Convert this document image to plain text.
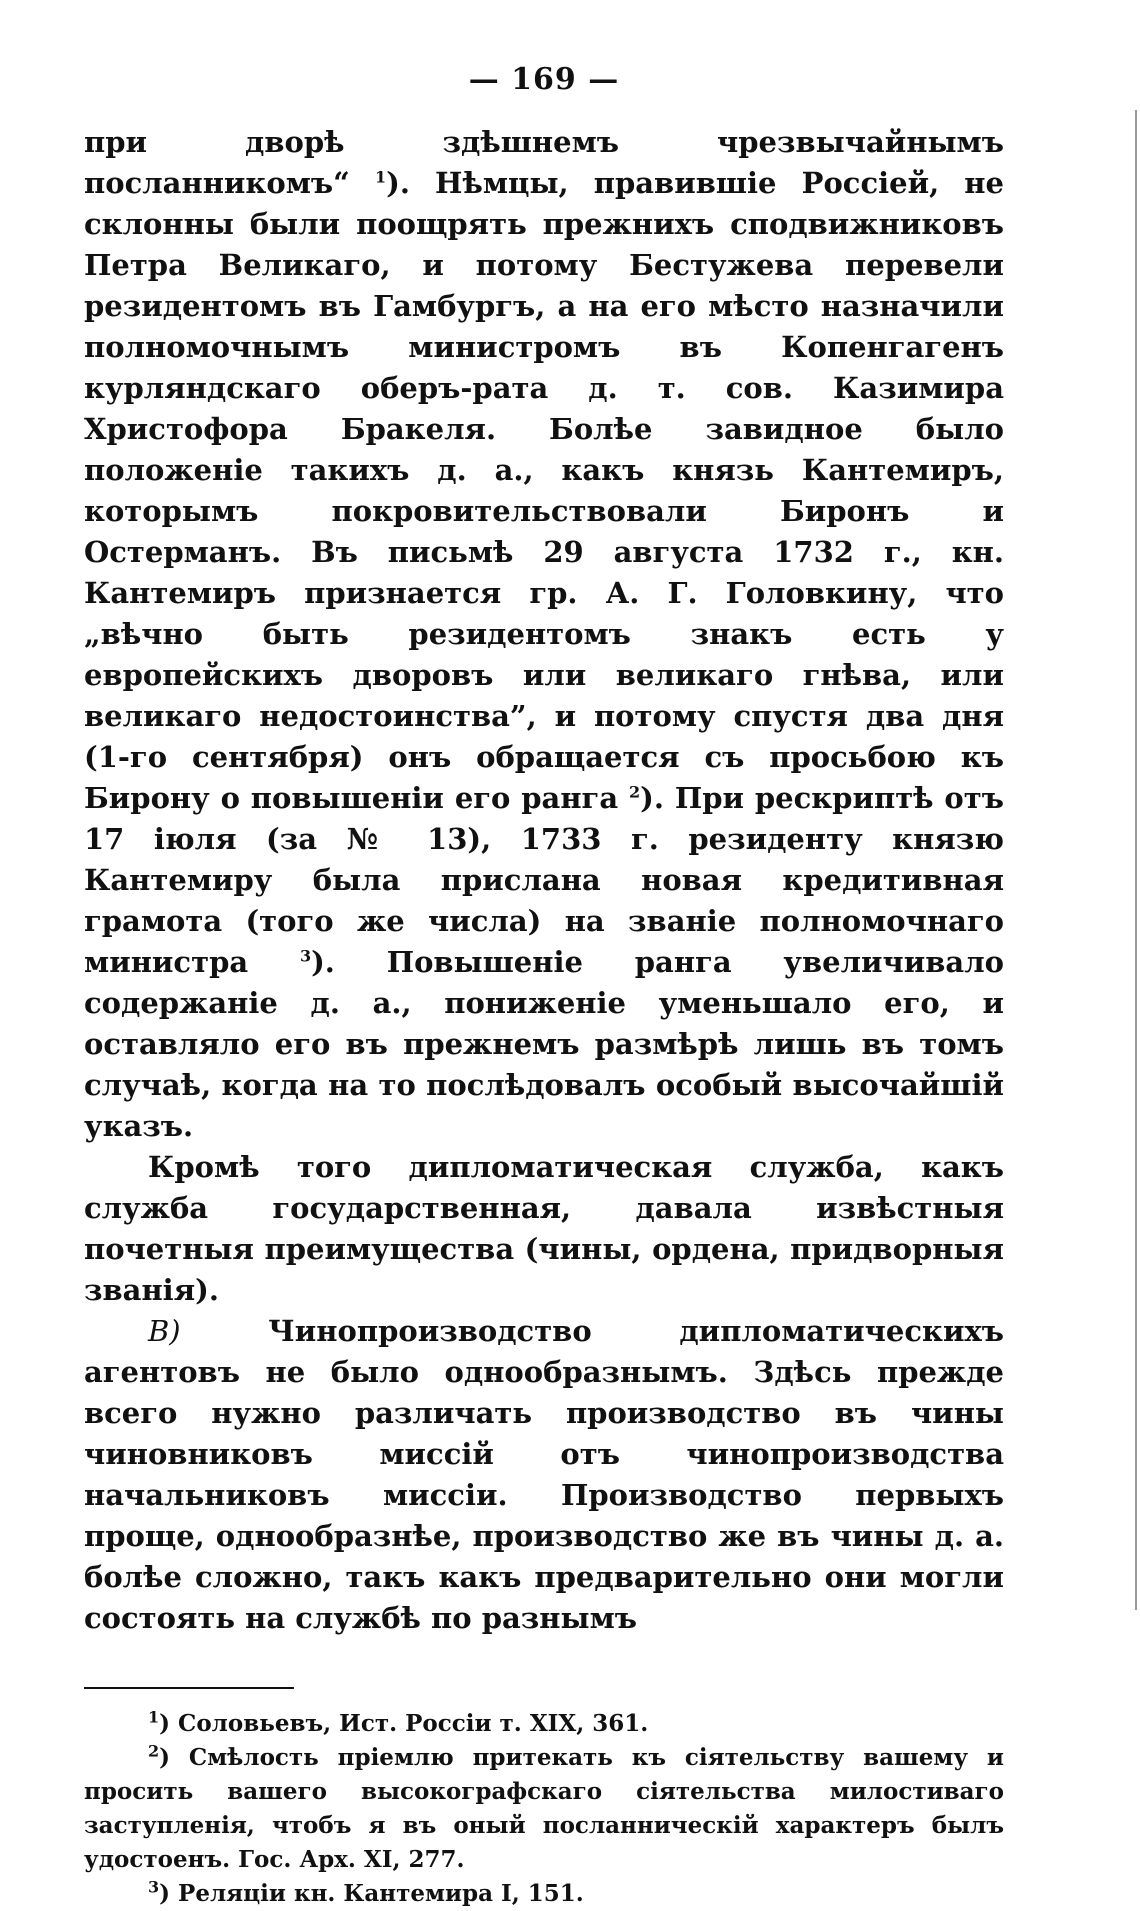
— 169 —

при дворѣ здѣшнемъ чрезвычайнымъ посланникомъ“ $^1$). Нѣмцы, правившіе Россіей, не склонны были поощрять прежнихъ сподвижниковъ Петра Великаго, и потому Бестужева перевели резидентомъ въ Гамбургъ, а на его мѣсто назначили полномочнымъ министромъ въ Копенгагенъ курляндскаго оберъ-рата д. т. сов. Казимира Христофора Бракеля. Болѣе завидное было положеніе такихъ д. а., какъ князь Кантемиръ, которымъ покровительствовали Биронъ и Остерманъ. Въ письмѣ 29 августа 1732 г., кн. Кантемиръ признается гр. А. Г. Головкину, что „вѣчно быть резидентомъ знакъ есть у европейскихъ дворовъ или великаго гнѣва, или великаго недостоинства”, и потому спустя два дня (1-го сентября) онъ обращается съ просьбою къ Бирону о повышеніи его ранга $^2$). При рескриптѣ отъ 17 іюля (за № 13), 1733 г. резиденту князю Кантемиру была прислана новая кредитивная грамота (того же числа) на званіе полномочнаго министра $^3$). Повышеніе ранга увеличивало содержаніе д. а., пониженіе уменьшало его, и оставляло его въ прежнемъ размѣрѣ лишь въ томъ случаѣ, когда на то послѣдовалъ особый высочайшій указъ.

Кромѣ того дипломатическая служба, какъ служба государственная, давала извѣстныя почетныя преимущества (чины, ордена, придворныя званія).

В) Чинопроизводство дипломатическихъ агентовъ не было однообразнымъ. Здѣсь прежде всего нужно различать производство въ чины чиновниковъ миссій отъ чинопроизводства начальниковъ миссіи. Производство первыхъ проще, однообразнѣе, производство же въ чины д. а. болѣе сложно, такъ какъ предварительно они могли состоять на службѣ по разнымъ

$^1$) Соловьевъ, Ист. Россіи т. XIX, 361.

$^2$) Смѣлость пріемлю притекать къ сіятельству вашему и просить вашего высокографскаго сіятельства милостиваго заступленія, чтобъ я въ оный посланническій характеръ былъ удостоенъ. Гос. Арх. XI, 277.

$^3$) Реляціи кн. Кантемира I, 151.
